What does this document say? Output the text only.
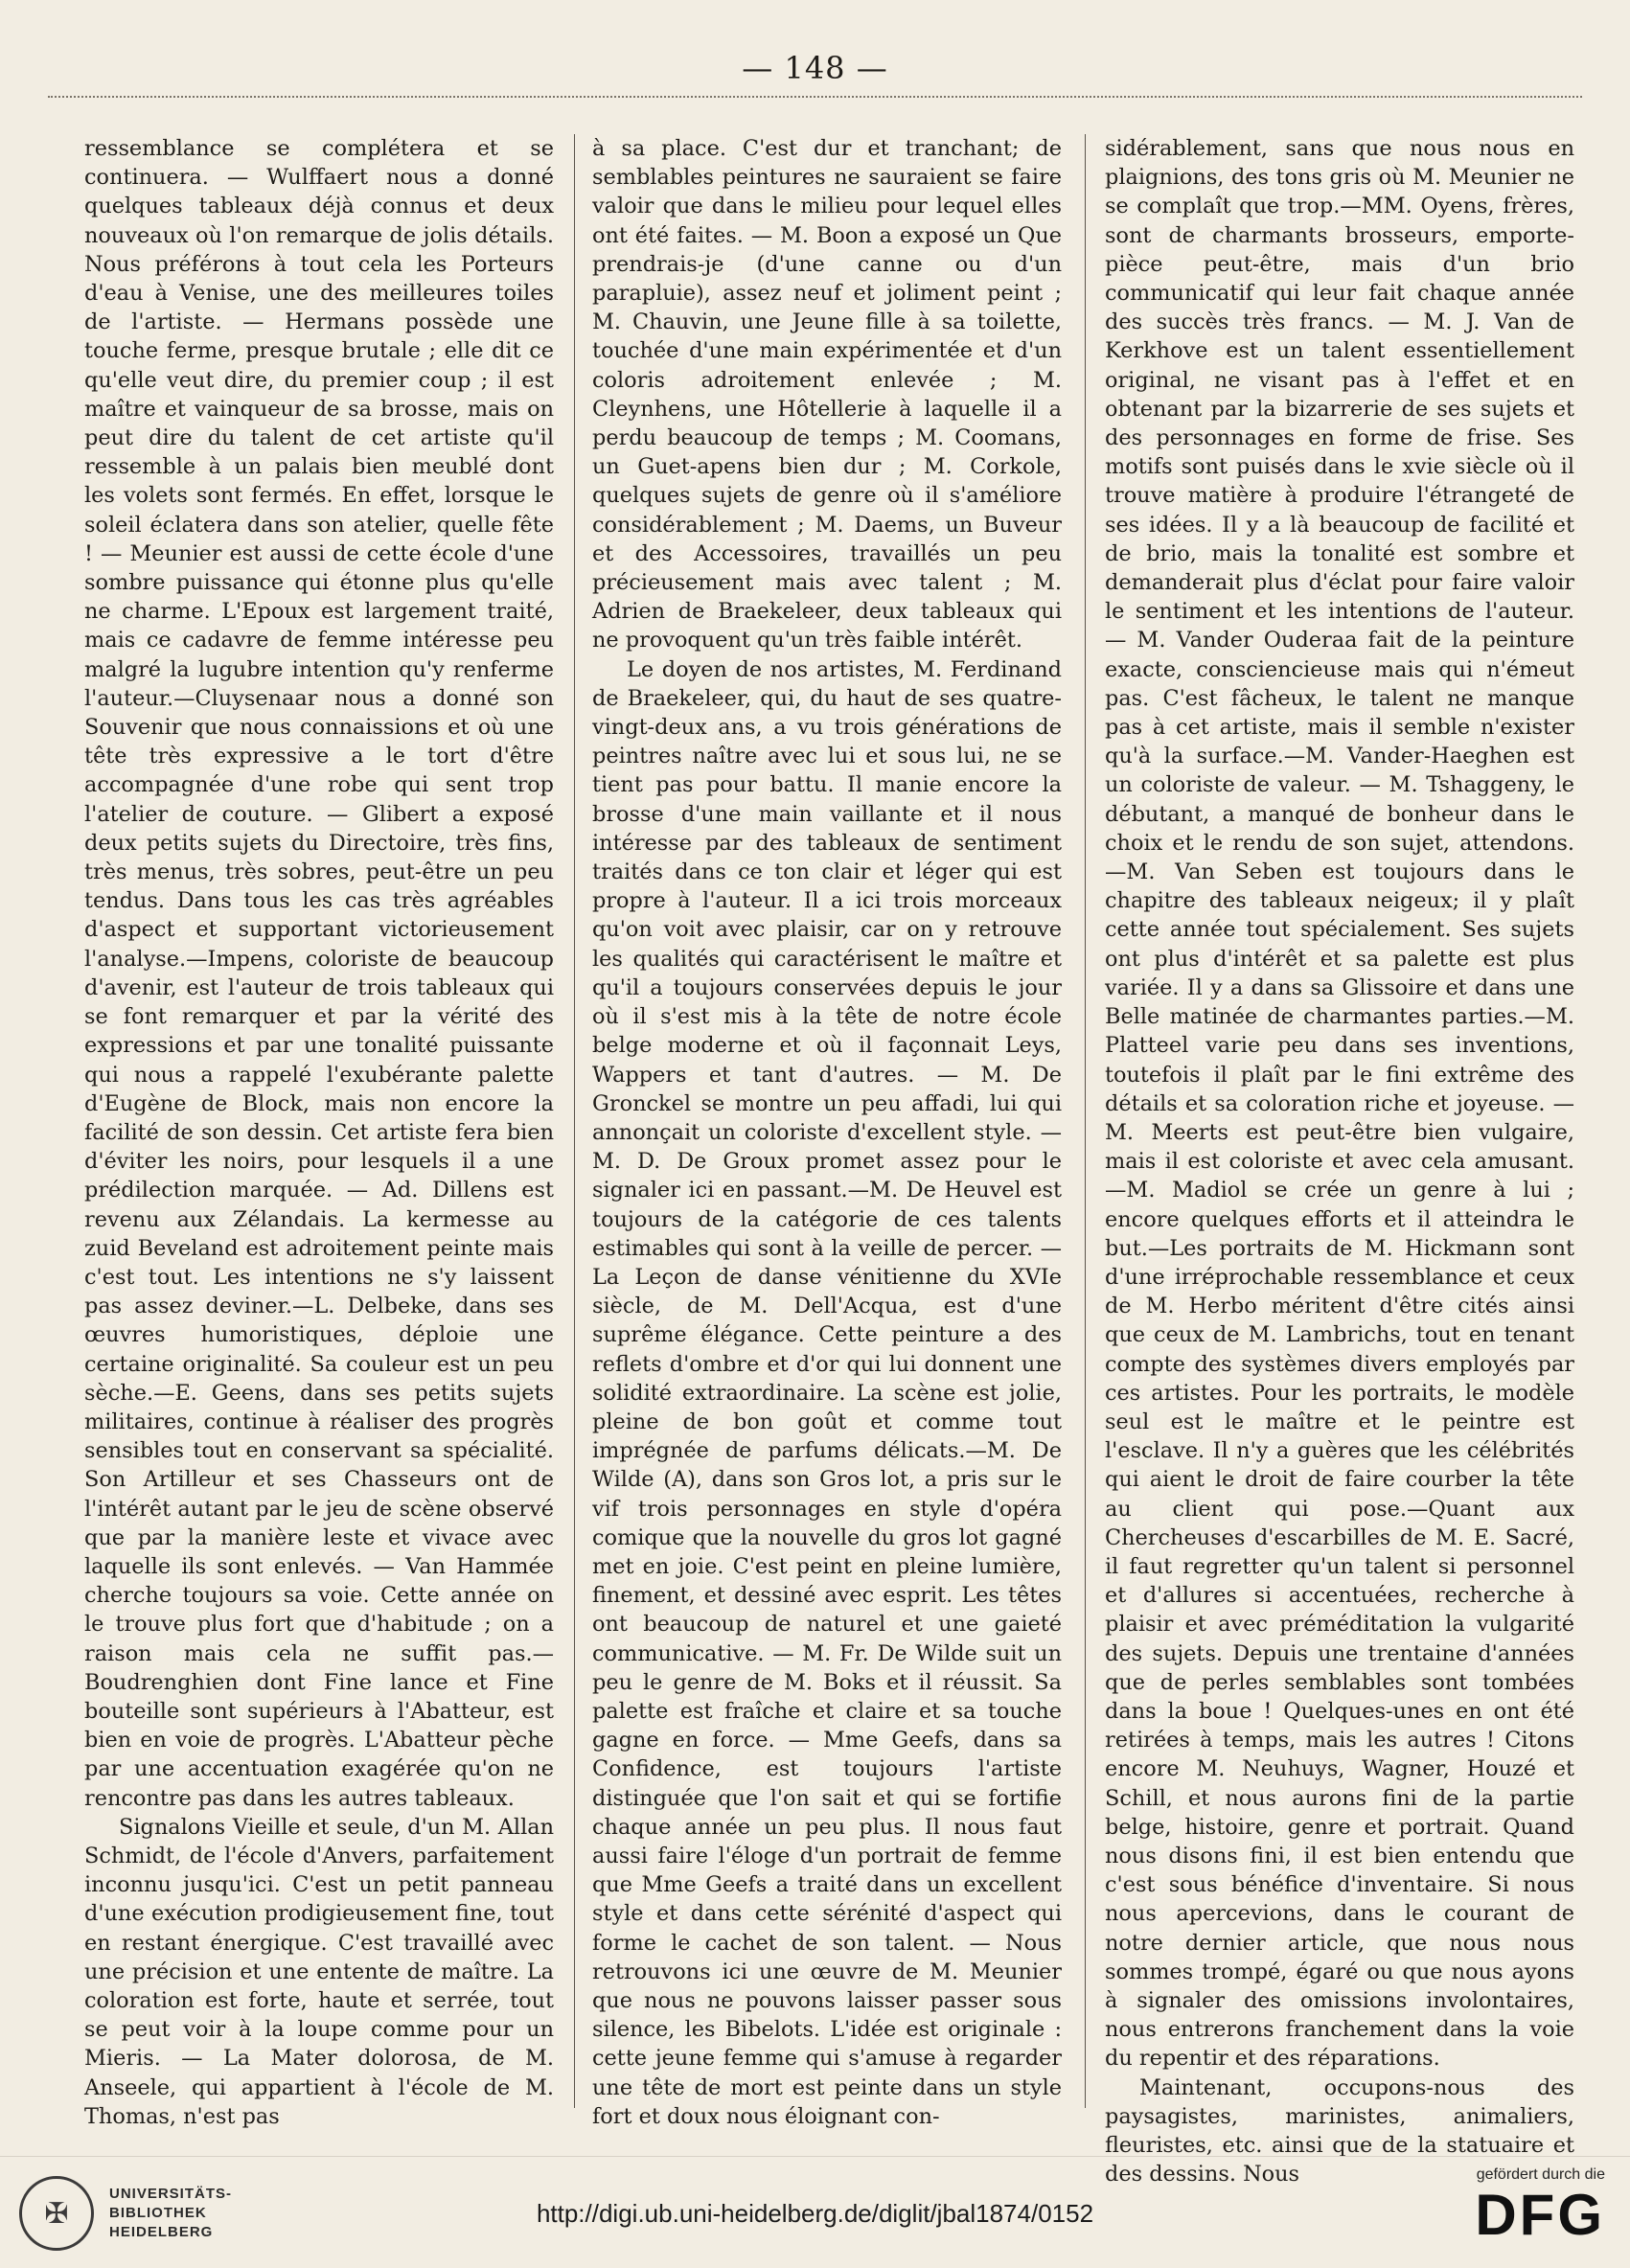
— 148 —

ressemblance se complétera et se continuera. — Wulffaert nous a donné quelques tableaux déjà connus et deux nouveaux où l'on remarque de jolis détails. Nous préférons à tout cela les Porteurs d'eau à Venise, une des meilleures toiles de l'artiste. — Hermans possède une touche ferme, presque brutale ; elle dit ce qu'elle veut dire, du premier coup ; il est maître et vainqueur de sa brosse, mais on peut dire du talent de cet artiste qu'il ressemble à un palais bien meublé dont les volets sont fermés. En effet, lorsque le soleil éclatera dans son atelier, quelle fête ! — Meunier est aussi de cette école d'une sombre puissance qui étonne plus qu'elle ne charme. L'Epoux est largement traité, mais ce cadavre de femme intéresse peu malgré la lugubre intention qu'y renferme l'auteur.—Cluysenaar nous a donné son Souvenir que nous connaissions et où une tête très expressive a le tort d'être accompagnée d'une robe qui sent trop l'atelier de couture. — Glibert a exposé deux petits sujets du Directoire, très fins, très menus, très sobres, peut-être un peu tendus. Dans tous les cas très agréables d'aspect et supportant victorieusement l'analyse.—Impens, coloriste de beaucoup d'avenir, est l'auteur de trois tableaux qui se font remarquer et par la vérité des expressions et par une tonalité puissante qui nous a rappelé l'exubérante palette d'Eugène de Block, mais non encore la facilité de son dessin. Cet artiste fera bien d'éviter les noirs, pour lesquels il a une prédilection marquée. — Ad. Dillens est revenu aux Zélandais. La kermesse au zuid Beveland est adroitement peinte mais c'est tout. Les intentions ne s'y laissent pas assez deviner.—L. Delbeke, dans ses œuvres humoristiques, déploie une certaine originalité. Sa couleur est un peu sèche.—E. Geens, dans ses petits sujets militaires, continue à réaliser des progrès sensibles tout en conservant sa spécialité. Son Artilleur et ses Chasseurs ont de l'intérêt autant par le jeu de scène observé que par la manière leste et vivace avec laquelle ils sont enlevés. — Van Hammée cherche toujours sa voie. Cette année on le trouve plus fort que d'habitude ; on a raison mais cela ne suffit pas.—Boudrenghien dont Fine lance et Fine bouteille sont supérieurs à l'Abatteur, est bien en voie de progrès. L'Abatteur pèche par une accentuation exagérée qu'on ne rencontre pas dans les autres tableaux.

Signalons Vieille et seule, d'un M. Allan Schmidt, de l'école d'Anvers, parfaitement inconnu jusqu'ici. C'est un petit panneau d'une exécution prodigieusement fine, tout en restant énergique. C'est travaillé avec une précision et une entente de maître. La coloration est forte, haute et serrée, tout se peut voir à la loupe comme pour un Mieris. — La Mater dolorosa, de M. Anseele, qui appartient à l'école de M. Thomas, n'est pas

à sa place. C'est dur et tranchant; de semblables peintures ne sauraient se faire valoir que dans le milieu pour lequel elles ont été faites. — M. Boon a exposé un Que prendrais-je (d'une canne ou d'un parapluie), assez neuf et joliment peint ; M. Chauvin, une Jeune fille à sa toilette, touchée d'une main expérimentée et d'un coloris adroitement enlevée ; M. Cleynhens, une Hôtellerie à laquelle il a perdu beaucoup de temps ; M. Coomans, un Guet-apens bien dur ; M. Corkole, quelques sujets de genre où il s'améliore considérablement ; M. Daems, un Buveur et des Accessoires, travaillés un peu précieusement mais avec talent ; M. Adrien de Braekeleer, deux tableaux qui ne provoquent qu'un très faible intérêt.

Le doyen de nos artistes, M. Ferdinand de Braekeleer, qui, du haut de ses quatre-vingt-deux ans, a vu trois générations de peintres naître avec lui et sous lui, ne se tient pas pour battu. Il manie encore la brosse d'une main vaillante et il nous intéresse par des tableaux de sentiment traités dans ce ton clair et léger qui est propre à l'auteur. Il a ici trois morceaux qu'on voit avec plaisir, car on y retrouve les qualités qui caractérisent le maître et qu'il a toujours conservées depuis le jour où il s'est mis à la tête de notre école belge moderne et où il façonnait Leys, Wappers et tant d'autres. — M. De Gronckel se montre un peu affadi, lui qui annonçait un coloriste d'excellent style. — M. D. De Groux promet assez pour le signaler ici en passant.—M. De Heuvel est toujours de la catégorie de ces talents estimables qui sont à la veille de percer. — La Leçon de danse vénitienne du XVIe siècle, de M. Dell'Acqua, est d'une suprême élégance. Cette peinture a des reflets d'ombre et d'or qui lui donnent une solidité extraordinaire. La scène est jolie, pleine de bon goût et comme tout imprégnée de parfums délicats.—M. De Wilde (A), dans son Gros lot, a pris sur le vif trois personnages en style d'opéra comique que la nouvelle du gros lot gagné met en joie. C'est peint en pleine lumière, finement, et dessiné avec esprit. Les têtes ont beaucoup de naturel et une gaieté communicative. — M. Fr. De Wilde suit un peu le genre de M. Boks et il réussit. Sa palette est fraîche et claire et sa touche gagne en force. — Mme Geefs, dans sa Confidence, est toujours l'artiste distinguée que l'on sait et qui se fortifie chaque année un peu plus. Il nous faut aussi faire l'éloge d'un portrait de femme que Mme Geefs a traité dans un excellent style et dans cette sérénité d'aspect qui forme le cachet de son talent. — Nous retrouvons ici une œuvre de M. Meunier que nous ne pouvons laisser passer sous silence, les Bibelots. L'idée est originale : cette jeune femme qui s'amuse à regarder une tête de mort est peinte dans un style fort et doux nous éloignant con-

sidérablement, sans que nous nous en plaignions, des tons gris où M. Meunier ne se complaît que trop.—MM. Oyens, frères, sont de charmants brosseurs, emporte-pièce peut-être, mais d'un brio communicatif qui leur fait chaque année des succès très francs. — M. J. Van de Kerkhove est un talent essentiellement original, ne visant pas à l'effet et en obtenant par la bizarrerie de ses sujets et des personnages en forme de frise. Ses motifs sont puisés dans le xvie siècle où il trouve matière à produire l'étrangeté de ses idées. Il y a là beaucoup de facilité et de brio, mais la tonalité est sombre et demanderait plus d'éclat pour faire valoir le sentiment et les intentions de l'auteur. — M. Vander Ouderaa fait de la peinture exacte, consciencieuse mais qui n'émeut pas. C'est fâcheux, le talent ne manque pas à cet artiste, mais il semble n'exister qu'à la surface.—M. Vander-Haeghen est un coloriste de valeur. — M. Tshaggeny, le débutant, a manqué de bonheur dans le choix et le rendu de son sujet, attendons.—M. Van Seben est toujours dans le chapitre des tableaux neigeux; il y plaît cette année tout spécialement. Ses sujets ont plus d'intérêt et sa palette est plus variée. Il y a dans sa Glissoire et dans une Belle matinée de charmantes parties.—M. Platteel varie peu dans ses inventions, toutefois il plaît par le fini extrême des détails et sa coloration riche et joyeuse. — M. Meerts est peut-être bien vulgaire, mais il est coloriste et avec cela amusant.—M. Madiol se crée un genre à lui ; encore quelques efforts et il atteindra le but.—Les portraits de M. Hickmann sont d'une irréprochable ressemblance et ceux de M. Herbo méritent d'être cités ainsi que ceux de M. Lambrichs, tout en tenant compte des systèmes divers employés par ces artistes. Pour les portraits, le modèle seul est le maître et le peintre est l'esclave. Il n'y a guères que les célébrités qui aient le droit de faire courber la tête au client qui pose.—Quant aux Chercheuses d'escarbilles de M. E. Sacré, il faut regretter qu'un talent si personnel et d'allures si accentuées, recherche à plaisir et avec préméditation la vulgarité des sujets. Depuis une trentaine d'années que de perles semblables sont tombées dans la boue ! Quelques-unes en ont été retirées à temps, mais les autres ! Citons encore M. Neuhuys, Wagner, Houzé et Schill, et nous aurons fini de la partie belge, histoire, genre et portrait. Quand nous disons fini, il est bien entendu que c'est sous bénéfice d'inventaire. Si nous nous apercevions, dans le courant de notre dernier article, que nous nous sommes trompé, égaré ou que nous ayons à signaler des omissions involontaires, nous entrerons franchement dans la voie du repentir et des réparations.

Maintenant, occupons-nous des paysagistes, marinistes, animaliers, fleuristes, etc. ainsi que de la statuaire et des dessins. Nous

✠
UNIVERSITÄTS-
BIBLIOTHEK
HEIDELBERG
http://digi.ub.uni-heidelberg.de/diglit/jbal1874/0152
gefördert durch die
DFG
